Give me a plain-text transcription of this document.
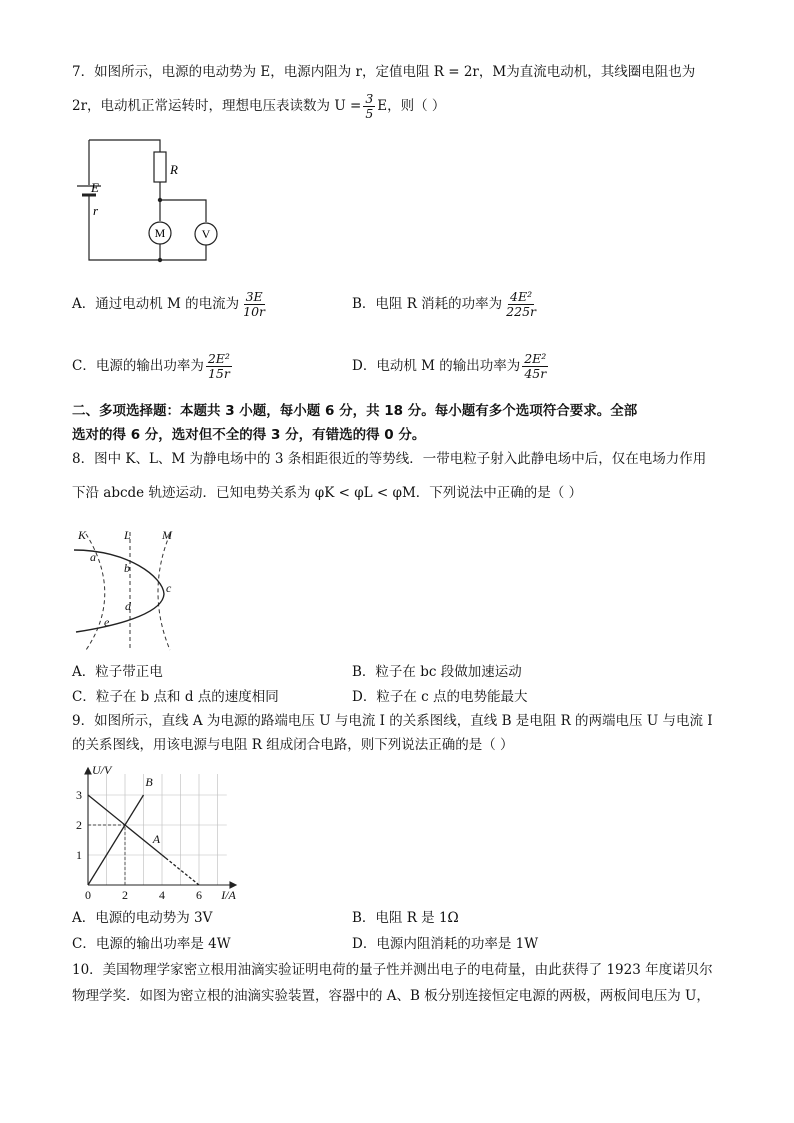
7．如图所示，电源的电动势为 E，电源内阻为 r，定值电阻 R = 2r，M为直流电动机，其线圈电阻也为
2r，电动机正常运转时，理想电压表读数为 $U = \frac{3}{5}$ E，则（ ）
R
E
r
M	V
A．通过电动机 M 的电流为 $\frac{3E}{10r}$	B．电阻 R 消耗的功率为 $\frac{\text{4E²}}{225r}$
C．电源的输出功率为 $\frac{\text{2E²}}{15r}$	D．电动机 M 的输出功率为 $\frac{\text{2E²}}{45r}$
二、多项选择题：本题共 3 小题，每小题 6 分，共 18 分。每小题有多个选项符合要求。全部
选对的得 6 分，选对但不全的得 3 分，有错选的得 0 分。
8．图中 K、L、M 为静电场中的 3 条相距很近的等势线．一带电粒子射入此静电场中后，仅在电场力作用
下沿 abcde 轨迹运动．已知电势关系为 φK < φL < φM．下列说法中正确的是（ ）
K	L	M
a
b
c
d
e
A．粒子带正电	B．粒子在 bc 段做加速运动
C．粒子在 b 点和 d 点的速度相同	D．粒子在 c 点的电势能最大
9．如图所示，直线 A 为电源的路端电压 U 与电流 I 的关系图线，直线 B 是电阻 R 的两端电压 U 与电流 I
的关系图线，用该电源与电阻 R 组成闭合电路，则下列说法正确的是（ ）
0	2	4	6
1
2
3
U/V
I/A
B
A
A．电源的电动势为 3V	B．电阻 R 是 1Ω
C．电源的输出功率是 4W	D．电源内阻消耗的功率是 1W
10．美国物理学家密立根用油滴实验证明电荷的量子性并测出电子的电荷量，由此获得了 1923 年度诺贝尔
物理学奖．如图为密立根的油滴实验装置，容器中的 A、B 板分别连接恒定电源的两极，两板间电压为 U，
